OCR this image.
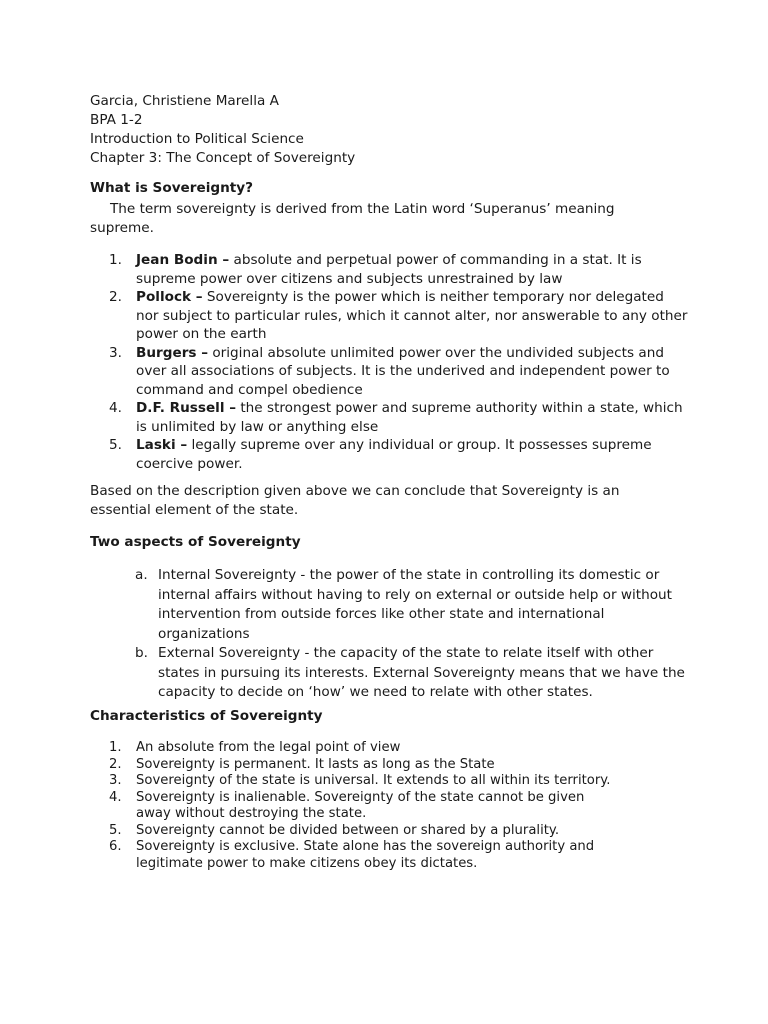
Garcia, Christiene Marella A
BPA 1-2
Introduction to Political Science
Chapter 3: The Concept of Sovereignty
What is Sovereignty?
The term sovereignty is derived from the Latin word ‘Superanus’ meaning supreme.
1. Jean Bodin – absolute and perpetual power of commanding in a stat. It is supreme power over citizens and subjects unrestrained by law
2. Pollock – Sovereignty is the power which is neither temporary nor delegated nor subject to particular rules, which it cannot alter, nor answerable to any other power on the earth
3. Burgers – original absolute unlimited power over the undivided subjects and over all associations of subjects. It is the underived and independent power to command and compel obedience
4. D.F. Russell – the strongest power and supreme authority within a state, which is unlimited by law or anything else
5. Laski – legally supreme over any individual or group. It possesses supreme coercive power.
Based on the description given above we can conclude that Sovereignty is an essential element of the state.
Two aspects of Sovereignty
a. Internal Sovereignty - the power of the state in controlling its domestic or internal affairs without having to rely on external or outside help or without intervention from outside forces like other state and international organizations
b. External Sovereignty - the capacity of the state to relate itself with other states in pursuing its interests. External Sovereignty means that we have the capacity to decide on ‘how’ we need to relate with other states.
Characteristics of Sovereignty
1. An absolute from the legal point of view
2. Sovereignty is permanent. It lasts as long as the State
3. Sovereignty of the state is universal. It extends to all within its territory.
4. Sovereignty is inalienable. Sovereignty of the state cannot be given away without destroying the state.
5. Sovereignty cannot be divided between or shared by a plurality.
6. Sovereignty is exclusive. State alone has the sovereign authority and legitimate power to make citizens obey its dictates.
